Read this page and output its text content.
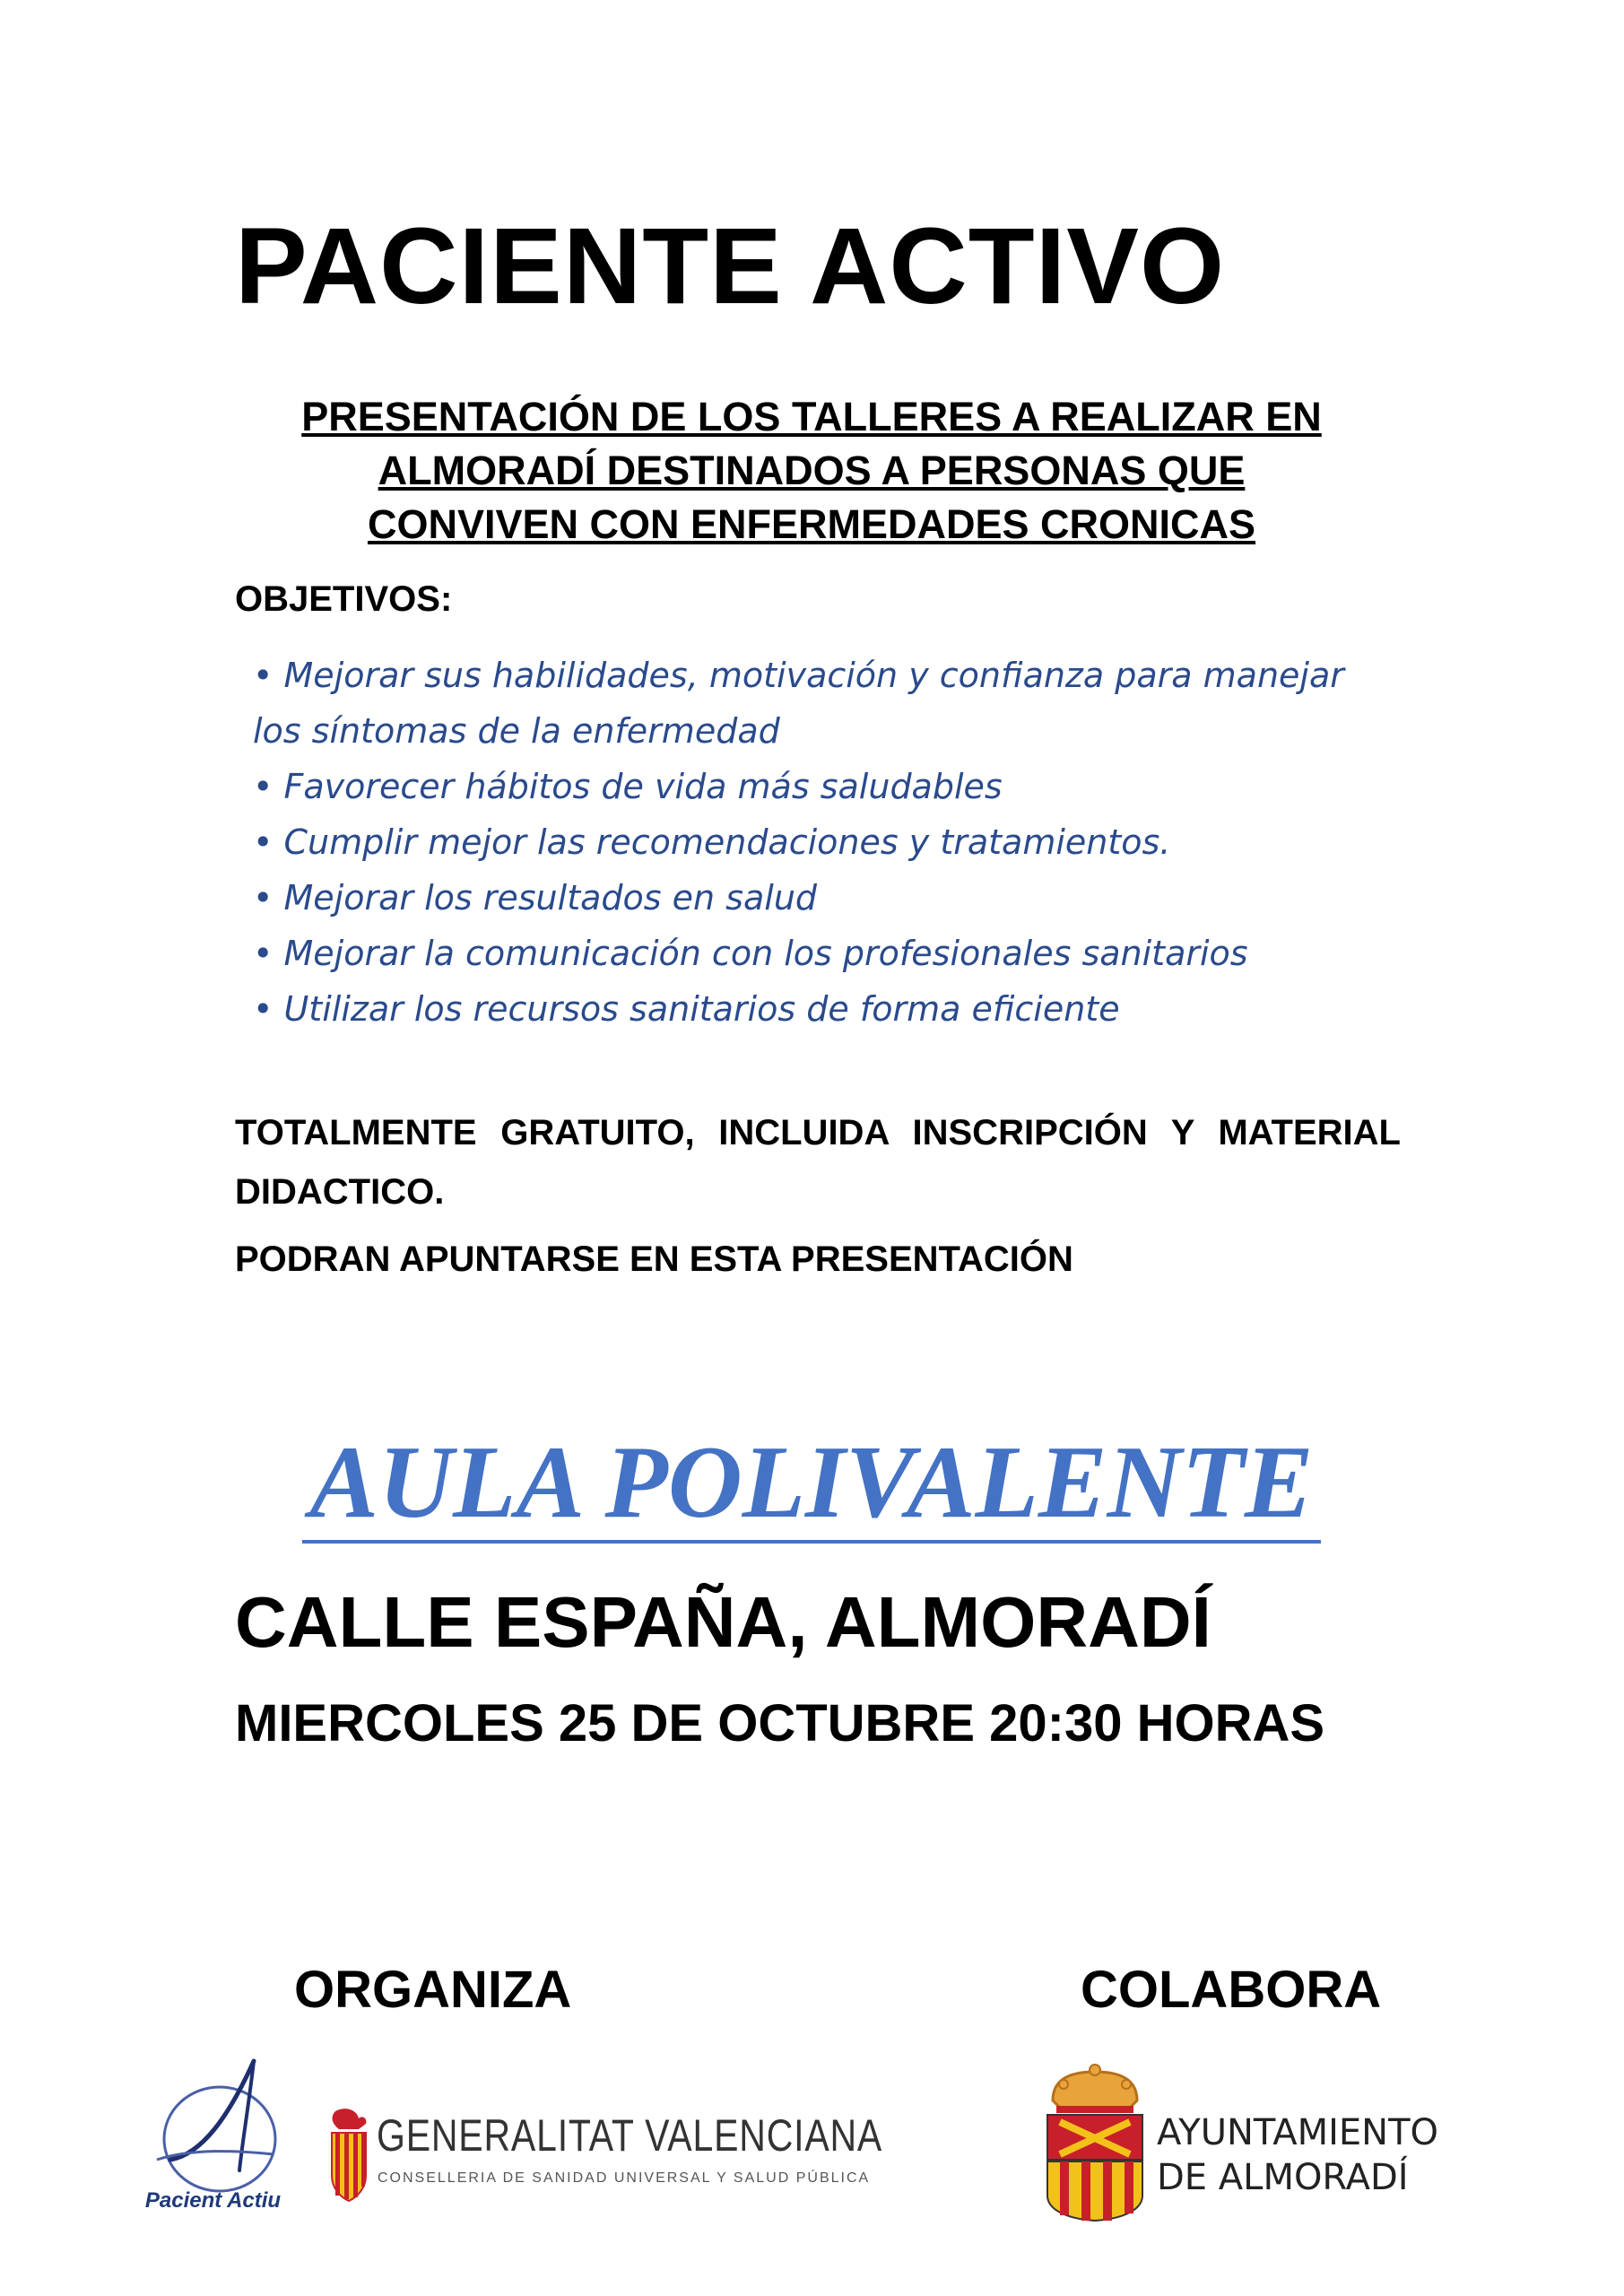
PACIENTE ACTIVO
PRESENTACIÓN DE LOS TALLERES A REALIZAR EN
ALMORADÍ DESTINADOS A PERSONAS QUE
CONVIVEN CON ENFERMEDADES CRONICAS
OBJETIVOS:
• Mejorar sus habilidades, motivación y confianza para manejar
los síntomas de la enfermedad
• Favorecer hábitos de vida más saludables
• Cumplir mejor las recomendaciones y tratamientos.
• Mejorar los resultados en salud
• Mejorar la comunicación con los profesionales sanitarios
• Utilizar los recursos sanitarios de forma eficiente
TOTALMENTE GRATUITO, INCLUIDA INSCRIPCIÓN Y MATERIAL DIDACTICO.
PODRAN APUNTARSE EN ESTA PRESENTACIÓN
AULA POLIVALENTE
CALLE ESPAÑA, ALMORADÍ
MIERCOLES 25 DE OCTUBRE 20:30 HORAS
ORGANIZA	COLABORA
Pacient Actiu
GENERALITAT VALENCIANA
CONSELLERIA DE SANIDAD UNIVERSAL Y SALUD PÚBLICA
AYUNTAMIENTO
DE ALMORADÍ
